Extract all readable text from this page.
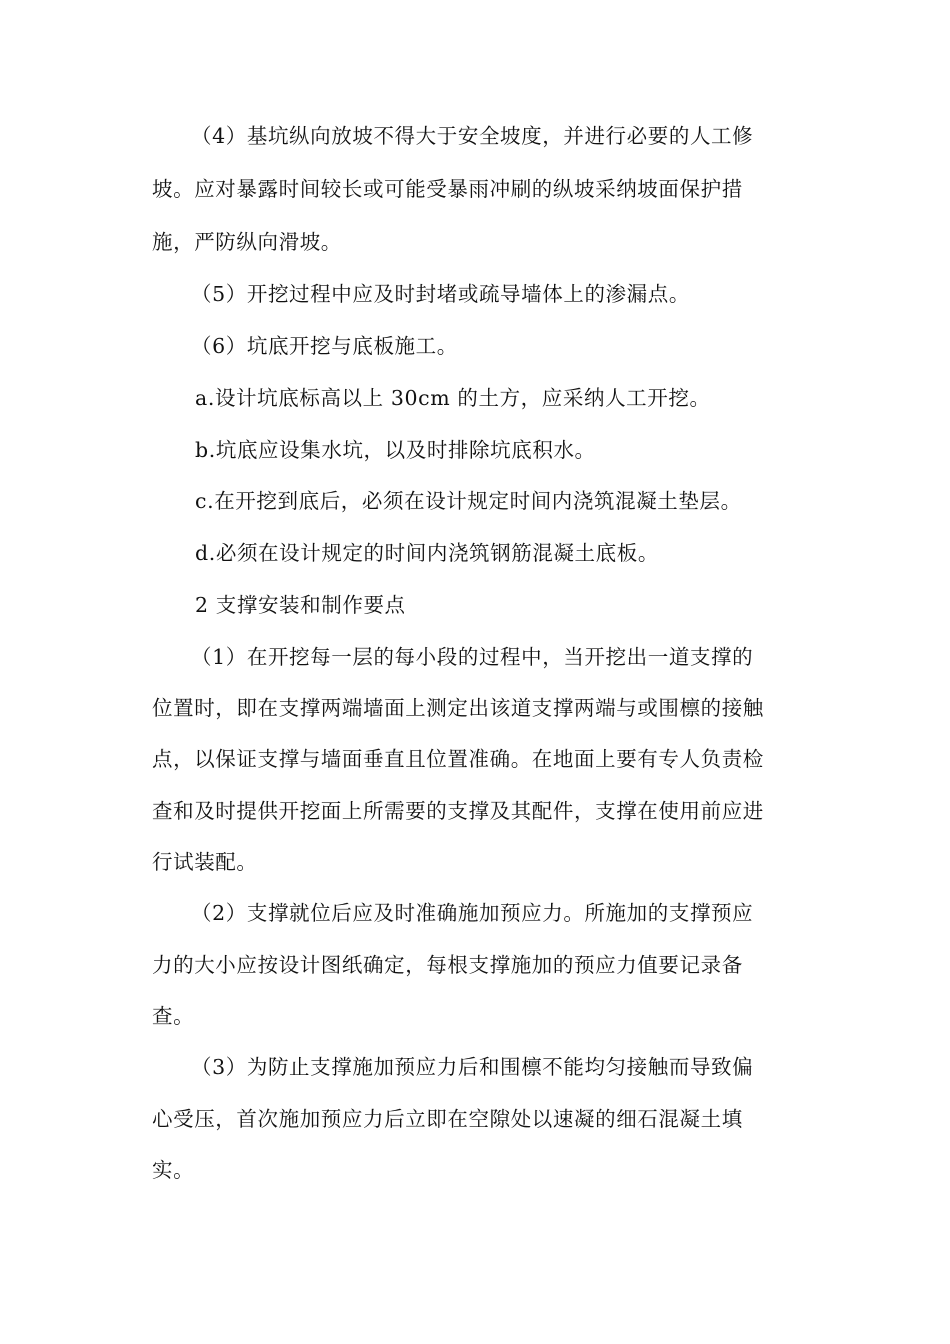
（4）基坑纵向放坡不得大于安全坡度，并进行必要的人工修
坡。应对暴露时间较长或可能受暴雨冲刷的纵坡采纳坡面保护措
施，严防纵向滑坡。
（5）开挖过程中应及时封堵或疏导墙体上的渗漏点。
（6）坑底开挖与底板施工。
a.设计坑底标高以上 30cm 的土方，应采纳人工开挖。
b.坑底应设集水坑，以及时排除坑底积水。
c.在开挖到底后，必须在设计规定时间内浇筑混凝土垫层。
d.必须在设计规定的时间内浇筑钢筋混凝土底板。
2 支撑安装和制作要点
（1）在开挖每一层的每小段的过程中，当开挖出一道支撑的
位置时，即在支撑两端墙面上测定出该道支撑两端与或围檩的接触
点，以保证支撑与墙面垂直且位置准确。在地面上要有专人负责检
查和及时提供开挖面上所需要的支撑及其配件，支撑在使用前应进
行试装配。
（2）支撑就位后应及时准确施加预应力。所施加的支撑预应
力的大小应按设计图纸确定，每根支撑施加的预应力值要记录备
查。
（3）为防止支撑施加预应力后和围檩不能均匀接触而导致偏
心受压，首次施加预应力后立即在空隙处以速凝的细石混凝土填
实。
